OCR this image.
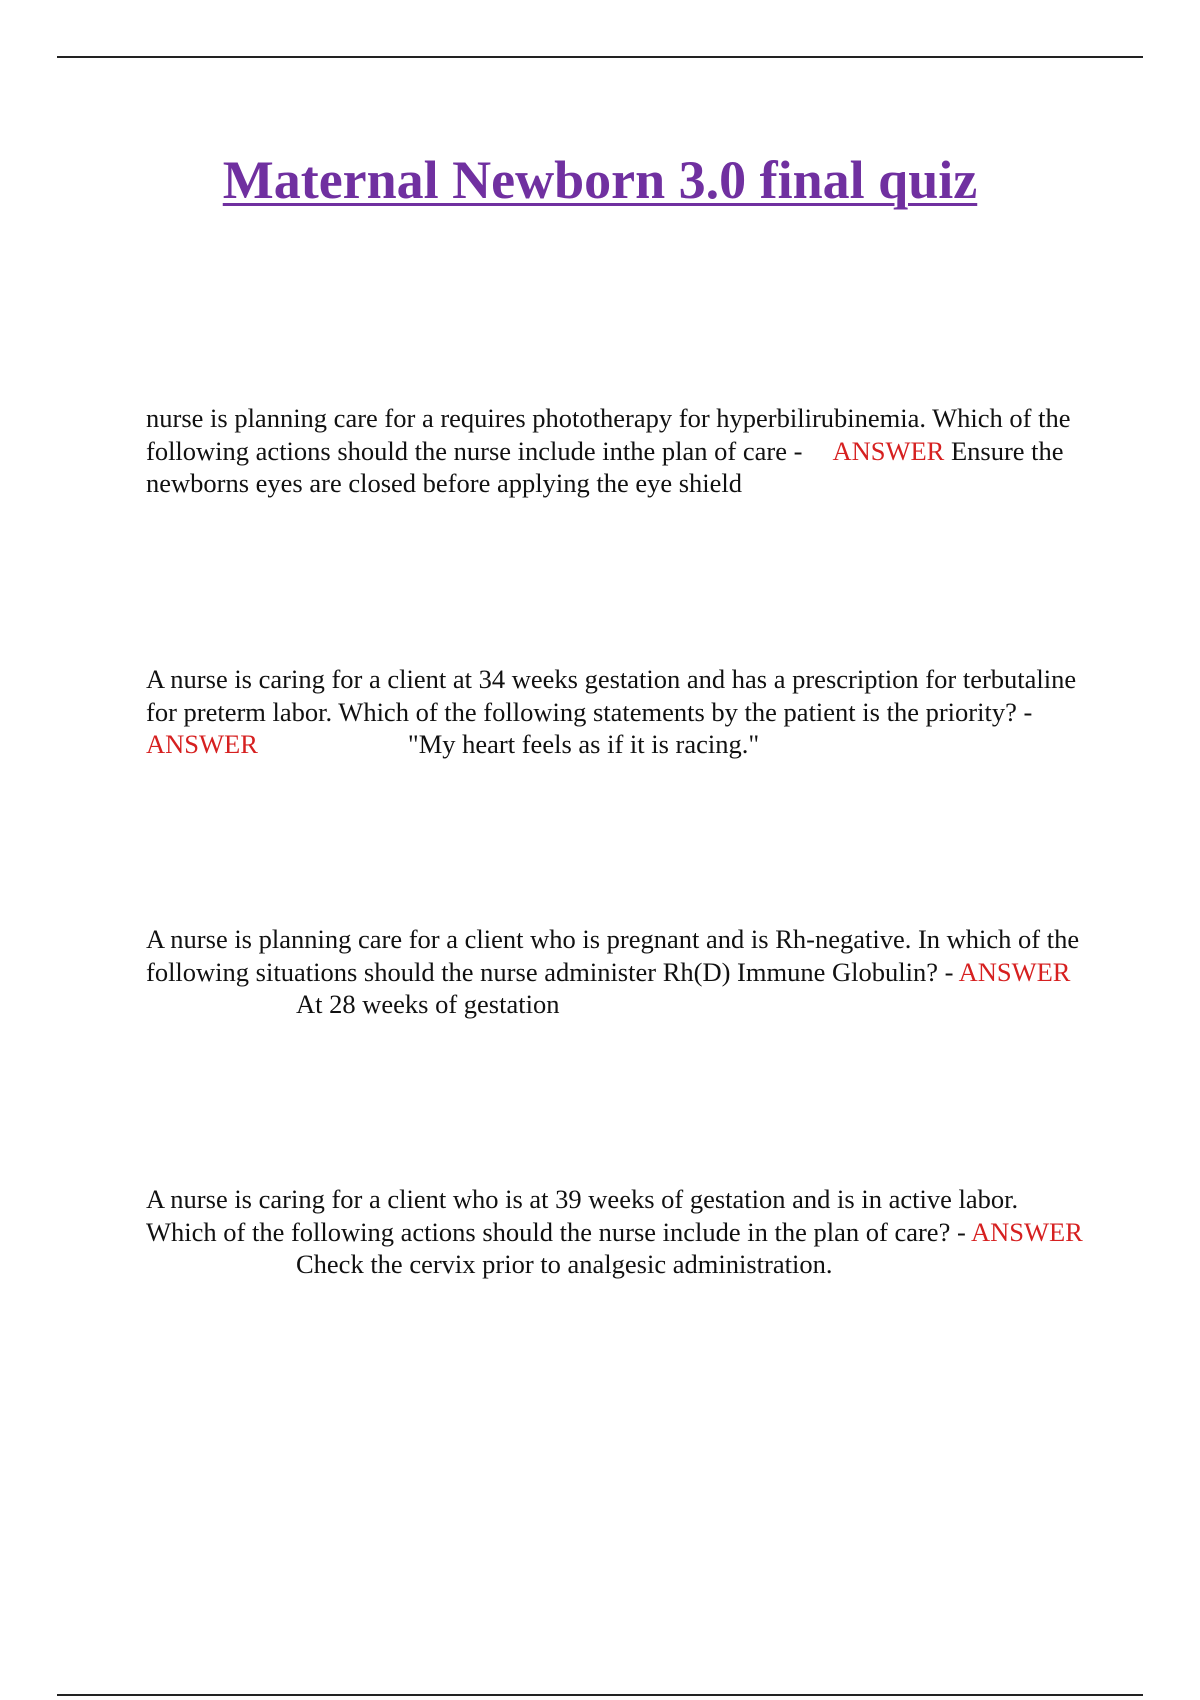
Maternal Newborn 3.0 final quiz

nurse is planning care for a requires phototherapy for hyperbilirubinemia. Which of the following actions should the nurse include inthe plan of care - ANSWER Ensure the newborns eyes are closed before applying the eye shield

A nurse is caring for a client at 34 weeks gestation and has a prescription for terbutaline for preterm labor. Which of the following statements by the patient is the priority? -ANSWER	"My heart feels as if it is racing."

A nurse is planning care for a client who is pregnant and is Rh-negative. In which of the following situations should the nurse administer Rh(D) Immune Globulin? - ANSWERAt 28 weeks of gestation

A nurse is caring for a client who is at 39 weeks of gestation and is in active labor. Which of the following actions should the nurse include in the plan of care? - ANSWERCheck the cervix prior to analgesic administration.
